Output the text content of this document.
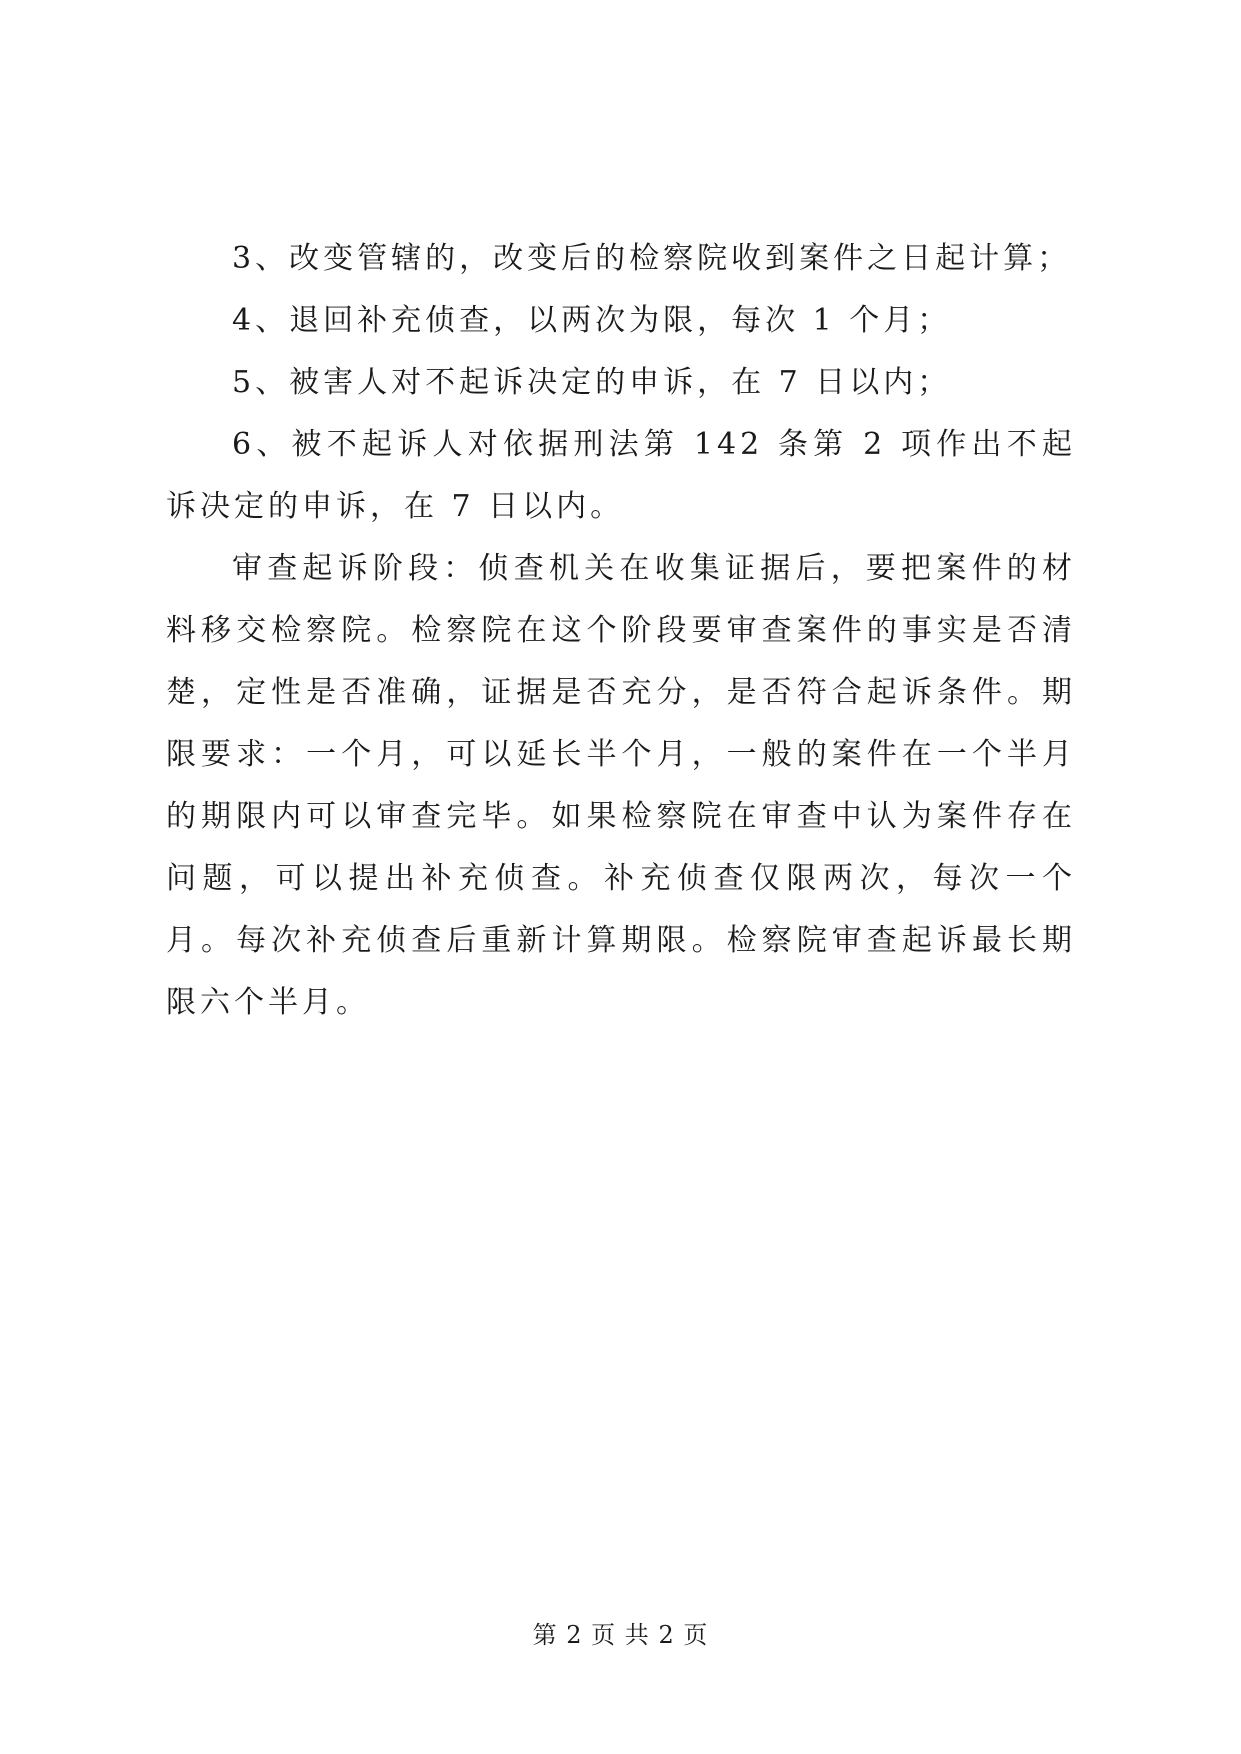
3、改变管辖的，改变后的检察院收到案件之日起计算；

4、退回补充侦查，以两次为限，每次 1 个月；

5、被害人对不起诉决定的申诉，在 7 日以内；

6、被不起诉人对依据刑法第 142 条第 2 项作出不起诉决定的申诉，在 7 日以内。

审查起诉阶段：侦查机关在收集证据后，要把案件的材料移交检察院。检察院在这个阶段要审查案件的事实是否清楚，定性是否准确，证据是否充分，是否符合起诉条件。期限要求：一个月，可以延长半个月，一般的案件在一个半月的期限内可以审查完毕。如果检察院在审查中认为案件存在问题，可以提出补充侦查。补充侦查仅限两次，每次一个月。每次补充侦查后重新计算期限。检察院审查起诉最长期限六个半月。

第 2 页 共 2 页
